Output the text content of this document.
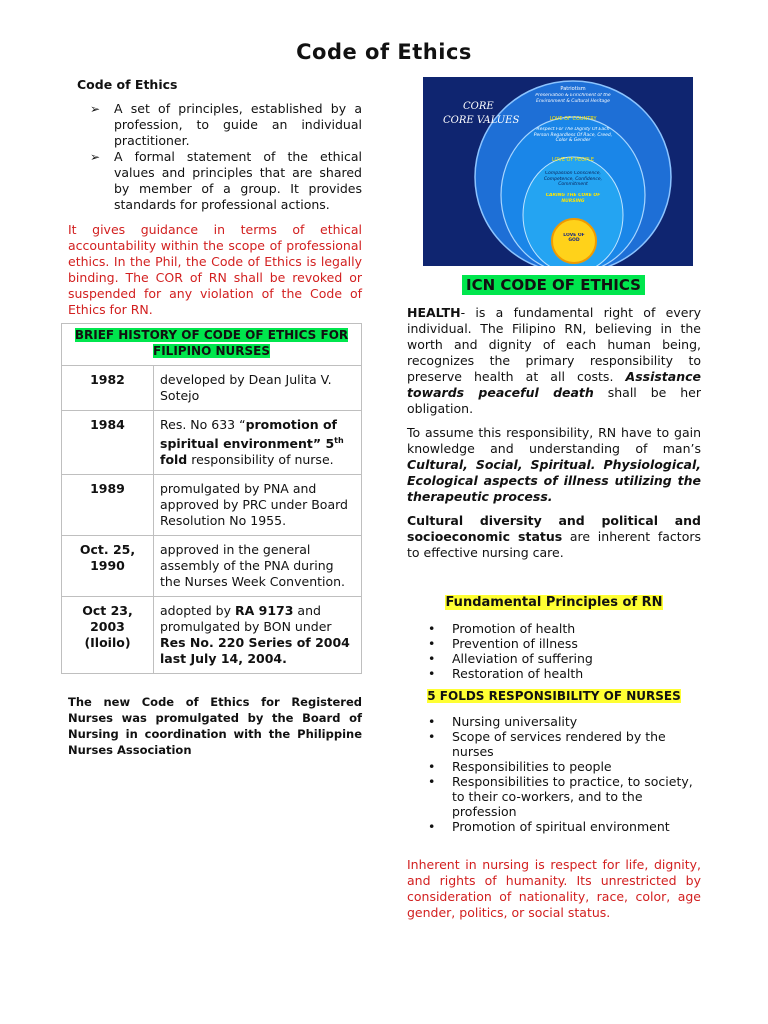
Code of Ethics
Code of Ethics
➢ A set of principles, established by a profession, to guide an individual practitioner.
➢ A formal statement of the ethical values and principles that are shared by member of a group. It provides standards for professional actions.
It gives guidance in terms of ethical accountability within the scope of professional ethics. In the Phil, the Code of Ethics is legally binding. The COR of RN shall be revoked or suspended for any violation of the Code of Ethics for RN.
BRIEF HISTORY OF CODE OF ETHICS FOR FILIPINO NURSES	
1982	developed by Dean Julita V. Sotejo
1984	Res. No 633 “promotion of spiritual environment” 5th fold responsibility of nurse.
1989	promulgated by PNA and approved by PRC under Board Resolution No 1955.
Oct. 25, 1990	approved in the general assembly of the PNA during the Nurses Week Convention.
Oct 23, 2003 (Iloilo)	adopted by RA 9173 and promulgated by BON under Res No. 220 Series of 2004 last July 14, 2004.
The new Code of Ethics for Registered Nurses was promulgated by the Board of Nursing in coordination with the Philippine Nurses Association
CORE
CORE VALUES
Patriotism
Preservation & Enrichment of the Environment & Cultural Heritage
LOVE OF COUNTRY
Respect For The Dignity Of Each Person Regardless Of Race, Creed, Color & Gender
LOVE OF PEOPLE
Compassion Conscience, Competence, Confidence, Commitment
CARING THE CORE OF NURSING
LOVE OF GOD
ICN CODE OF ETHICS
HEALTH- is a fundamental right of every individual. The Filipino RN, believing in the worth and dignity of each human being, recognizes the primary responsibility to preserve health at all costs. Assistance towards peaceful death shall be her obligation.
To assume this responsibility, RN have to gain knowledge and understanding of man’s Cultural, Social, Spiritual. Physiological, Ecological aspects of illness utilizing the therapeutic process.
Cultural diversity and political and socioeconomic status are inherent factors to effective nursing care.
Fundamental Principles of RN
• Promotion of health
• Prevention of illness
• Alleviation of suffering
• Restoration of health
5 FOLDS RESPONSIBILITY OF NURSES
• Nursing universality
• Scope of services rendered by the nurses
• Responsibilities to people
• Responsibilities to practice, to society, to their co-workers, and to the profession
• Promotion of spiritual environment
Inherent in nursing is respect for life, dignity, and rights of humanity. Its unrestricted by consideration of nationality, race, color, age gender, politics, or social status.
